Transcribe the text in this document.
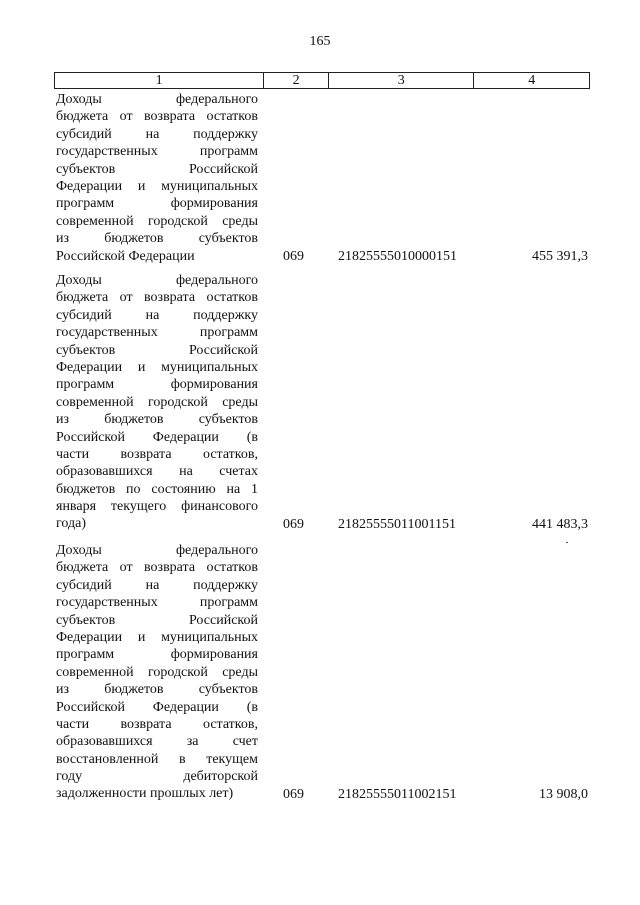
165
1	2	3	4
Доходы федерального
бюджета от возврата остатков
субсидий на поддержку
государственных программ
субъектов Российской
Федерации и муниципальных
программ формирования
современной городской среды
из бюджетов субъектов
Российской Федерации	069 21825555010000151	455 391,3
Доходы федерального
бюджета от возврата остатков
субсидий на поддержку
государственных программ
субъектов Российской
Федерации и муниципальных
программ формирования
современной городской среды
из бюджетов субъектов
Российской Федерации (в
части возврата остатков,
образовавшихся на счетах
бюджетов по состоянию на 1
января текущего финансового
года)	069 21825555011001151	441 483,3
Доходы федерального
бюджета от возврата остатков
субсидий на поддержку
государственных программ
субъектов Российской
Федерации и муниципальных
программ формирования
современной городской среды
из бюджетов субъектов
Российской Федерации (в
части возврата остатков,
образовавшихся за счет
восстановленной в текущем
году дебиторской
задолженности прошлых лет)	069 21825555011002151	13 908,0
